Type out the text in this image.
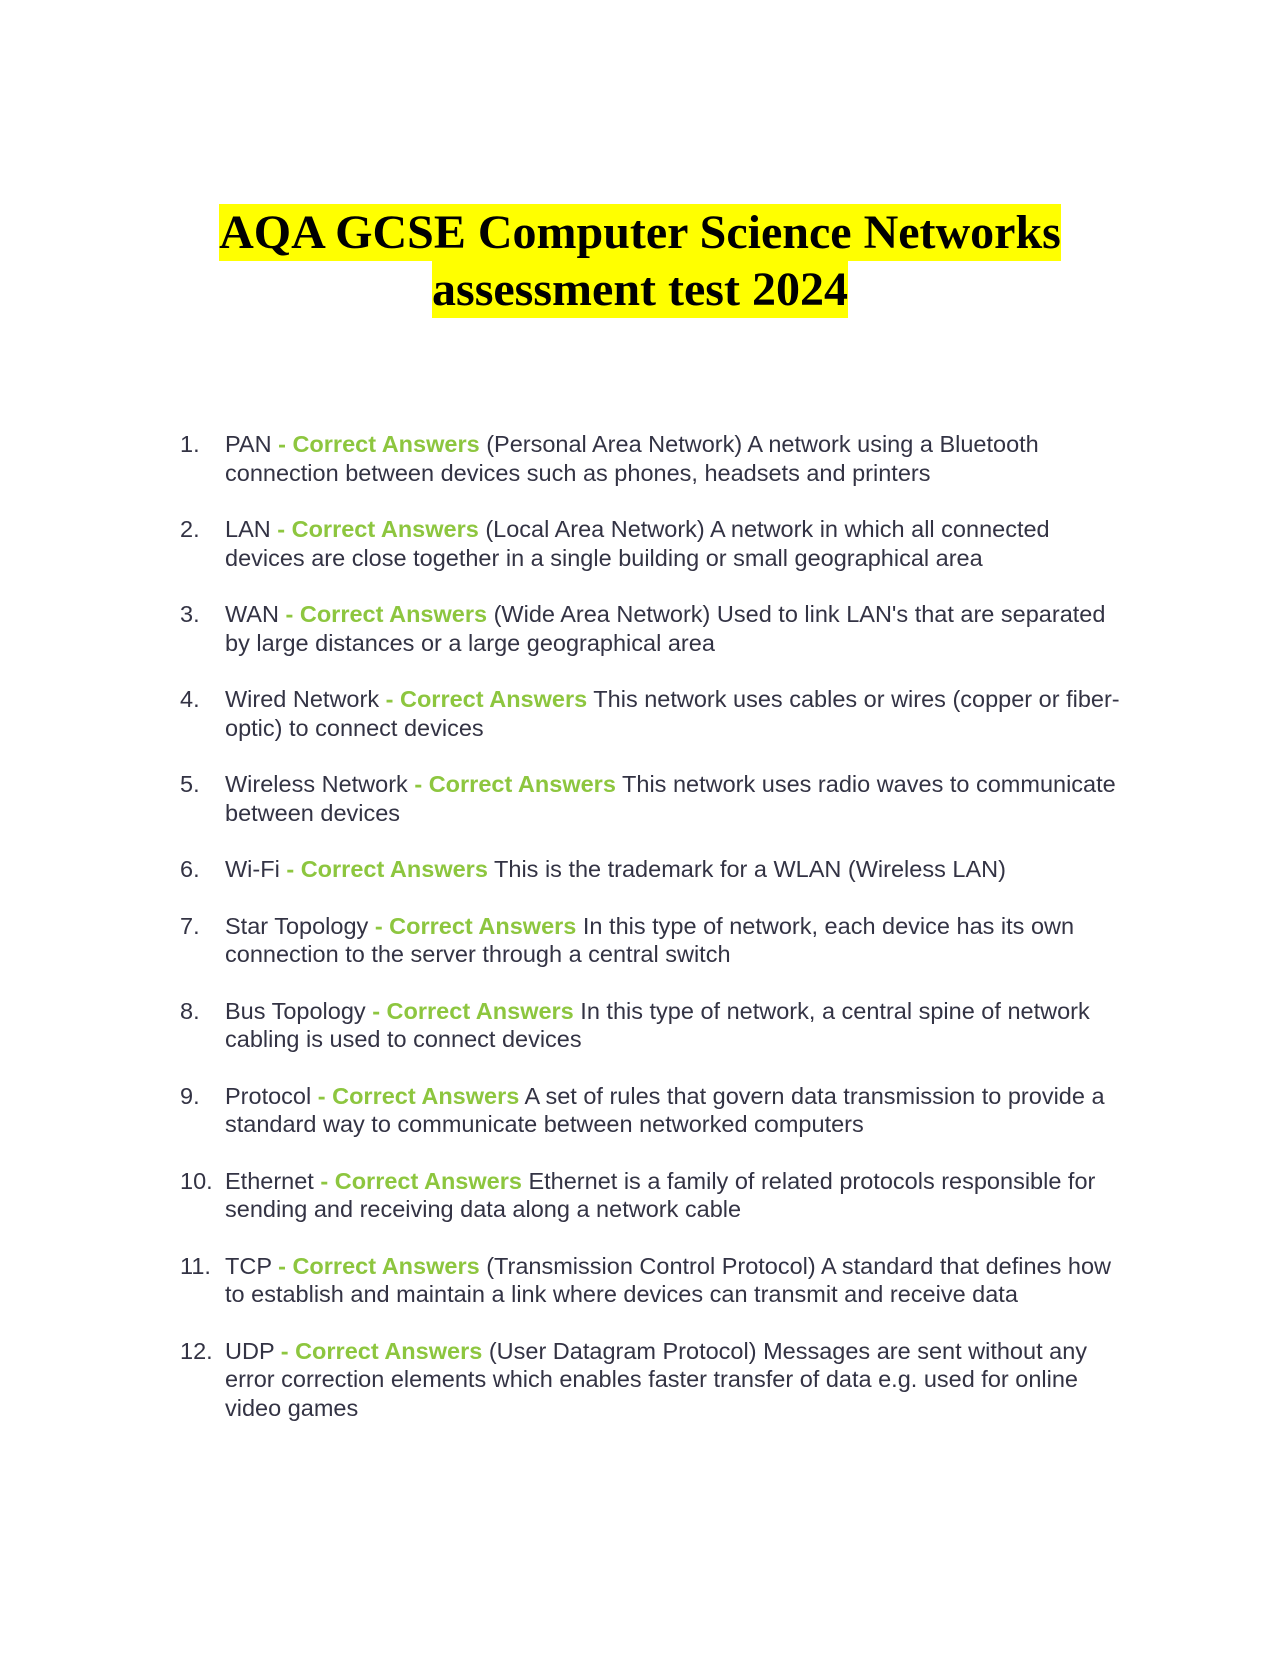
AQA GCSE Computer Science Networks
assessment test 2024
1.	PAN - Correct Answers (Personal Area Network) A network using a Bluetooth connection between devices such as phones, headsets and printers
2.	LAN - Correct Answers (Local Area Network) A network in which all connected devices are close together in a single building or small geographical area
3.	WAN - Correct Answers (Wide Area Network) Used to link LAN's that are separated by large distances or a large geographical area
4.	Wired Network - Correct Answers This network uses cables or wires (copper or fiber-optic) to connect devices
5.	Wireless Network - Correct Answers This network uses radio waves to communicate between devices
6.	Wi-Fi - Correct Answers This is the trademark for a WLAN (Wireless LAN)
7.	Star Topology - Correct Answers In this type of network, each device has its own connection to the server through a central switch
8.	Bus Topology - Correct Answers In this type of network, a central spine of network cabling is used to connect devices
9.	Protocol - Correct Answers A set of rules that govern data transmission to provide a standard way to communicate between networked computers
10. Ethernet - Correct Answers Ethernet is a family of related protocols responsible for sending and receiving data along a network cable
11. TCP - Correct Answers (Transmission Control Protocol) A standard that defines how to establish and maintain a link where devices can transmit and receive data
12. UDP - Correct Answers (User Datagram Protocol) Messages are sent without any error correction elements which enables faster transfer of data e.g. used for online video games
